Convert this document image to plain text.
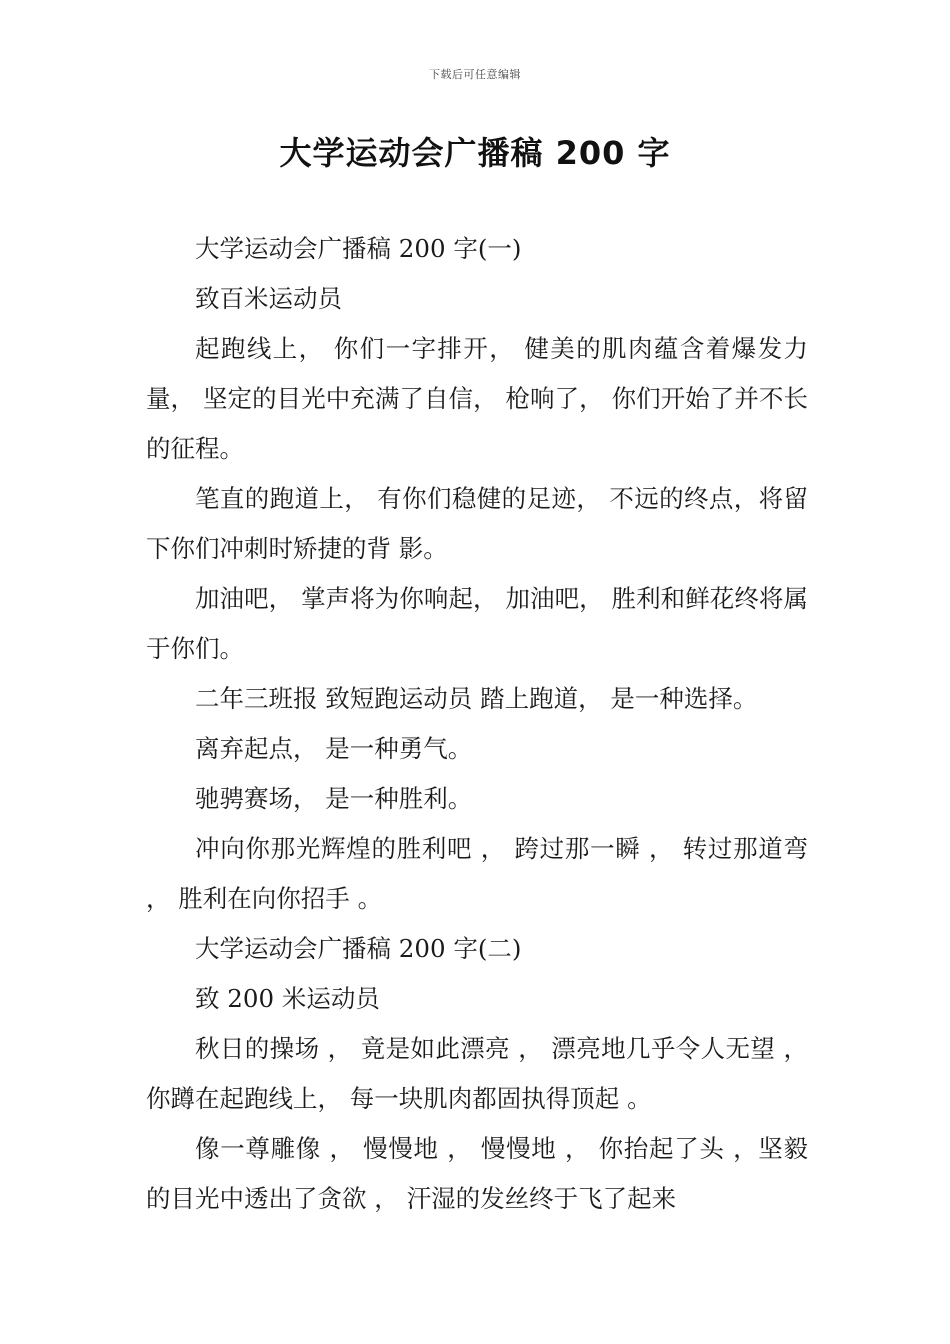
下载后可任意编辑
大学运动会广播稿 200 字

大学运动会广播稿 200 字(一)

致百米运动员

起跑线上， 你们一字排开， 健美的肌肉蕴含着爆发力量， 坚定的目光中充满了自信， 枪响了， 你们开始了并不长的征程。

笔直的跑道上， 有你们稳健的足迹， 不远的终点，将留下你们冲刺时矫捷的背 影。

加油吧， 掌声将为你响起， 加油吧， 胜利和鲜花终将属于你们。

二年三班报 致短跑运动员 踏上跑道， 是一种选择。

离弃起点， 是一种勇气。

驰骋赛场， 是一种胜利。

冲向你那光辉煌的胜利吧 ， 跨过那一瞬 ， 转过那道弯 ， 胜利在向你招手 。

大学运动会广播稿 200 字(二)

致 200 米运动员

秋日的操场 ， 竟是如此漂亮 ， 漂亮地几乎令人无望 ， 你蹲在起跑线上， 每一块肌肉都固执得顶起 。

像一尊雕像 ， 慢慢地 ， 慢慢地 ， 你抬起了头 ，坚毅的目光中透出了贪欲 ， 汗湿的发丝终于飞了起来
